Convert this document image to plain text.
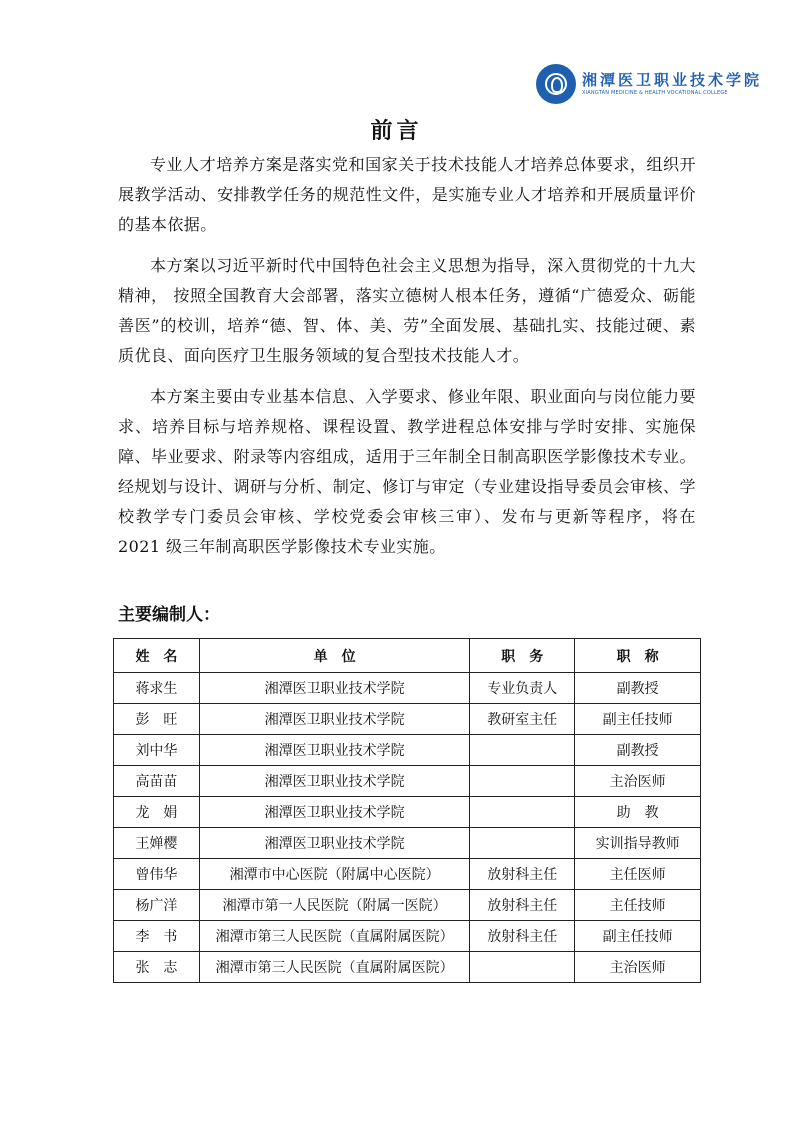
湘潭医卫职业技术学院
XIANGTAN MEDICINE & HEALTH VOCATIONAL COLLEGE
前言

专业人才培养方案是落实党和国家关于技术技能人才培养总体要求，组织开展教学活动、安排教学任务的规范性文件，是实施专业人才培养和开展质量评价的基本依据。

本方案以习近平新时代中国特色社会主义思想为指导，深入贯彻党的十九大精神， 按照全国教育大会部署，落实立德树人根本任务，遵循“广德爱众、砺能善医”的校训，培养“德、智、体、美、劳”全面发展、基础扎实、技能过硬、素质优良、面向医疗卫生服务领域的复合型技术技能人才。

本方案主要由专业基本信息、入学要求、修业年限、职业面向与岗位能力要求、培养目标与培养规格、课程设置、教学进程总体安排与学时安排、实施保障、毕业要求、附录等内容组成，适用于三年制全日制高职医学影像技术专业。经规划与设计、调研与分析、制定、修订与审定（专业建设指导委员会审核、学校教学专门委员会审核、学校党委会审核三审）、发布与更新等程序，将在 2021 级三年制高职医学影像技术专业实施。

主要编制人：
姓名	单位	职务	职称
蒋求生	湘潭医卫职业技术学院	专业负责人	副教授
彭　旺	湘潭医卫职业技术学院	教研室主任	副主任技师
刘中华	湘潭医卫职业技术学院		副教授
高苗苗	湘潭医卫职业技术学院		主治医师
龙　娟	湘潭医卫职业技术学院		助　教
王婵樱	湘潭医卫职业技术学院		实训指导教师
曾伟华	湘潭市中心医院（附属中心医院）	放射科主任	主任医师
杨广洋	湘潭市第一人民医院（附属一医院）	放射科主任	主任技师
李　书	湘潭市第三人民医院（直属附属医院）	放射科主任	副主任技师
张　志	湘潭市第三人民医院（直属附属医院）		主治医师
